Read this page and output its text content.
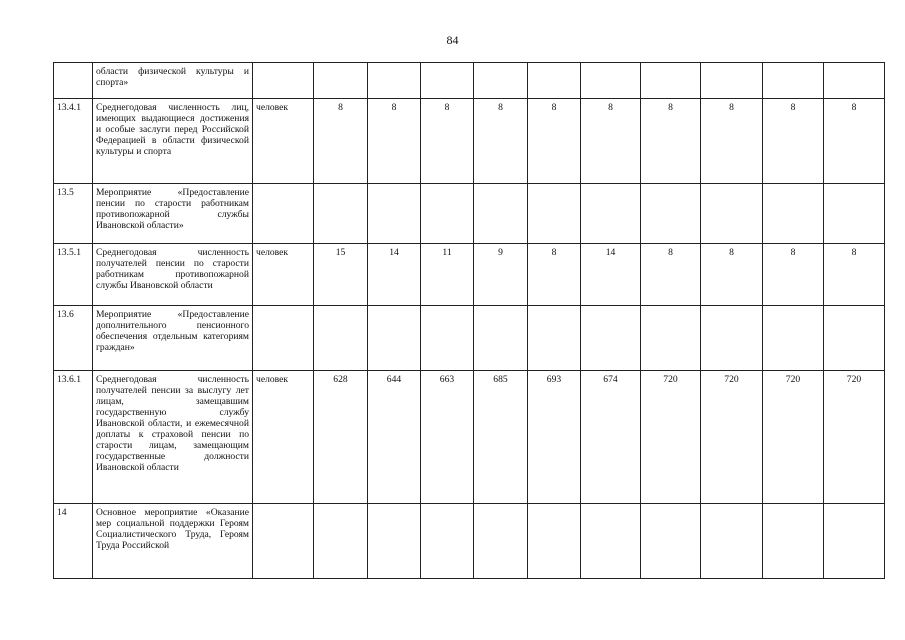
84
	области физической культуры и спорта»											
13.4.1	Среднегодовая численность лиц, имеющих выдающиеся достижения и особые заслуги перед Российской Федерацией в области физической культуры и спорта	человек	8	8	8	8	8	8	8	8	8	8
13.5	Мероприятие «Предоставление пенсии по старости работникам противопожарной службы Ивановской области»											
13.5.1	Среднегодовая численность получателей пенсии по старости работникам противопожарной службы Ивановской области	человек	15	14	11	9	8	14	8	8	8	8
13.6	Мероприятие «Предоставление дополнительного пенсионного обеспечения отдельным категориям граждан»											
13.6.1	Среднегодовая численность получателей пенсии за выслугу лет лицам, замещавшим государственную службу Ивановской области, и ежемесячной доплаты к страховой пенсии по старости лицам, замещающим государственные должности Ивановской области	человек	628	644	663	685	693	674	720	720	720	720
14	Основное мероприятие «Оказание мер социальной поддержки Героям Социалистического Труда, Героям Труда Российской											
